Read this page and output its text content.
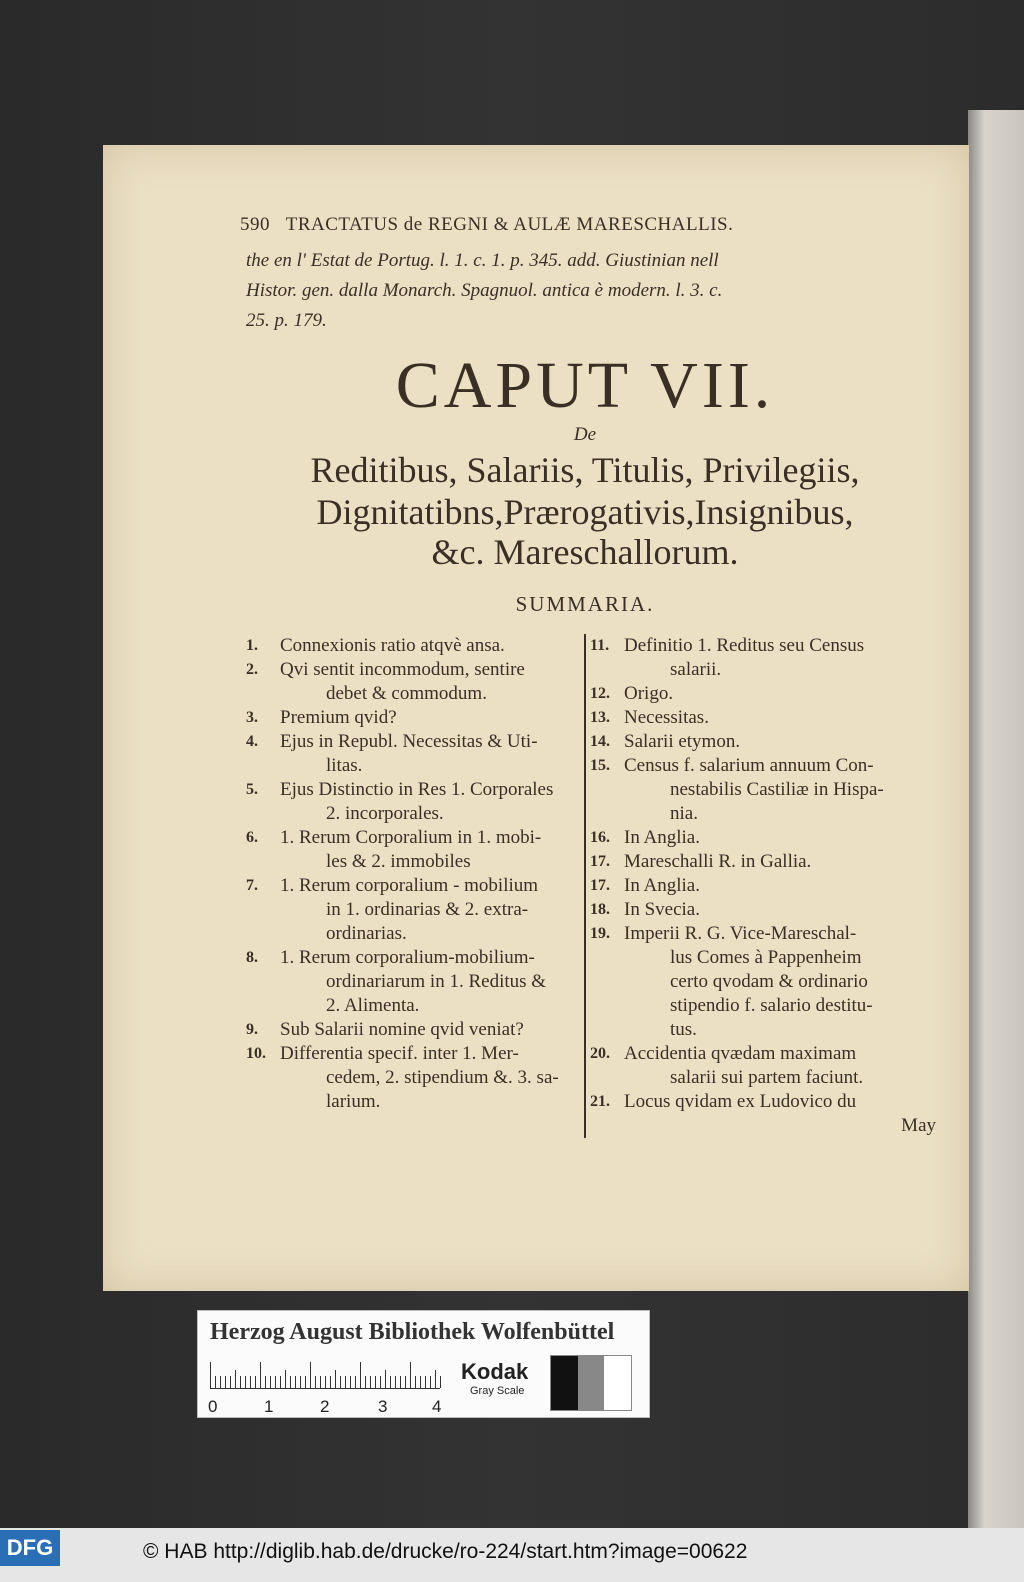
590 TRACTATUS de REGNI & AULÆ MARESCHALLIS.
the en l' Estat de Portug. l. 1. c. 1. p. 345. add. Giustinian nell
Histor. gen. dalla Monarch. Spagnuol. antica è modern. l. 3. c.
25. p. 179.
CAPUT VII.
De
Reditibus, Salariis, Titulis, Privilegiis,
Dignitatibns,Prærogativis,Insignibus,
&c. Mareschallorum.
SUMMARIA.
1.	Connexionis ratio atqvè ansa.
2.	Qvi sentit incommodum, sentire
debet & commodum.
3.	Premium qvid?
4.	Ejus in Republ. Necessitas & Uti-
litas.
5.	Ejus Distinctio in Res 1. Corporales
2. incorporales.
6.	1. Rerum Corporalium in 1. mobi-
les & 2. immobiles
7.	1. Rerum corporalium - mobilium
in 1. ordinarias & 2. extra-
ordinarias.
8.	1. Rerum corporalium-mobilium-
ordinariarum in 1. Reditus &
2. Alimenta.
9.	Sub Salarii nomine qvid veniat?
10. Differentia specif. inter 1. Mer-
cedem, 2. stipendium &. 3. sa-
larium.
11. Definitio 1. Reditus seu Census
salarii.
12. Origo.
13. Necessitas.
14. Salarii etymon.
15. Census f. salarium annuum Con-
nestabilis Castiliæ in Hispa-
nia.
16. In Anglia.
17. Mareschalli R. in Gallia.
17. In Anglia.
18. In Svecia.
19. Imperii R. G. Vice-Mareschal-
lus Comes à Pappenheim
certo qvodam & ordinario
stipendio f. salario destitu-
tus.
20. Accidentia qvædam maximam
salarii sui partem faciunt.
21. Locus qvidam ex Ludovico du
May
Herzog August Bibliothek Wolfenbüttel
0	1	2	3	4
Kodak
Gray Scale
DFG	© HAB http://diglib.hab.de/drucke/ro-224/start.htm?image=00622
